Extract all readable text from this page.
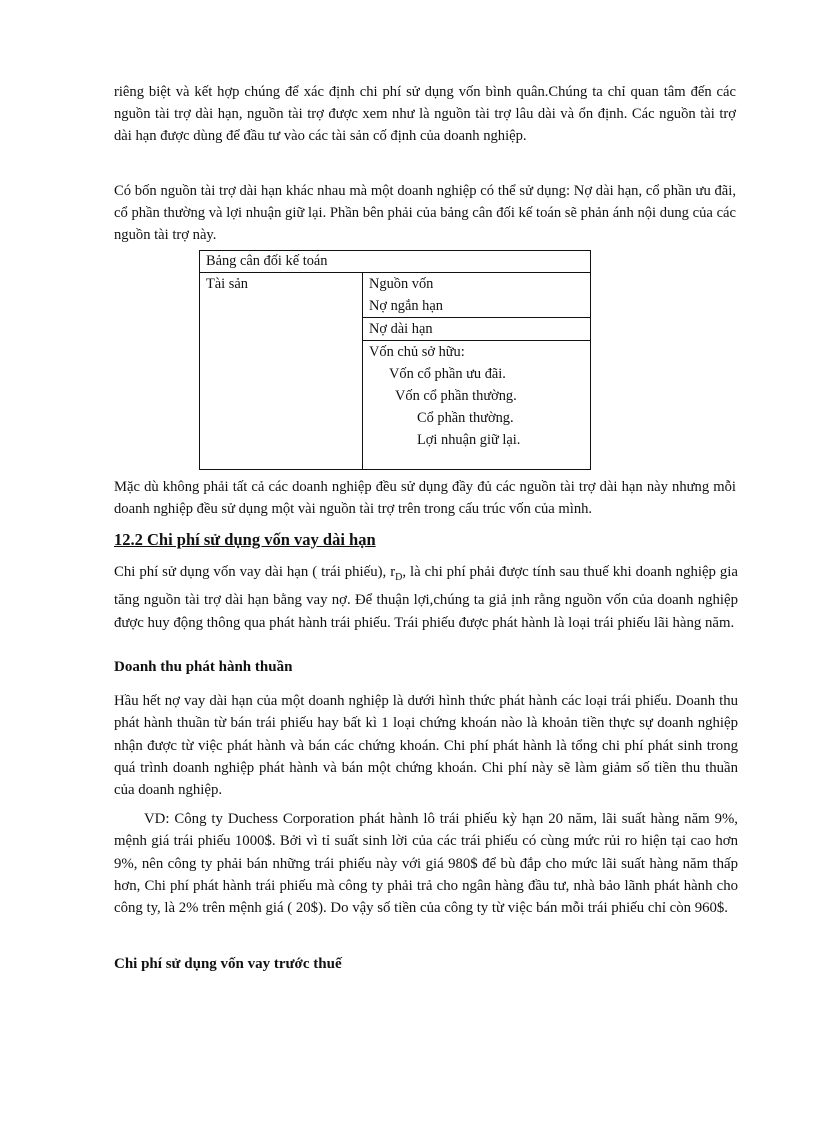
riêng biệt và kết hợp chúng để xác định chi phí sử dụng vốn bình quân.Chúng ta chỉ quan tâm đến các nguồn tài trợ dài hạn, nguồn tài trợ được xem như là nguồn tài trợ lâu dài và ổn định. Các nguồn tài trợ dài hạn được dùng để đầu tư vào các tài sản cố định của doanh nghiệp.

Có bốn nguồn tài trợ dài hạn khác nhau mà một doanh nghiệp có thể sử dụng: Nợ dài hạn, cổ phần ưu đãi, cổ phần thường và lợi nhuận giữ lại. Phần bên phải của bảng cân đối kế toán sẽ phản ánh nội dung của các nguồn tài trợ này.

Bảng cân đối kế toán

Tài sản	Nguồn vốn
Nợ ngắn hạn

Nợ dài hạn

Vốn chủ sở hữu:
Vốn cổ phần ưu đãi.
Vốn cổ phần thường.
Cổ phần thường.
Lợi nhuận giữ lại.

Mặc dù không phải tất cả các doanh nghiệp đều sử dụng đầy đủ các nguồn tài trợ dài hạn này nhưng mỗi doanh nghiệp đều sử dụng một vài nguồn tài trợ trên trong cấu trúc vốn của mình.

12.2 Chi phí sử dụng vốn vay dài hạn

Chi phí sử dụng vốn vay dài hạn ( trái phiếu), $r_D$, là chi phí phải được tính sau thuế khi doanh nghiệp gia tăng nguồn tài trợ dài hạn bằng vay nợ. Để thuận lợi,chúng ta giả ịnh rằng nguồn vốn của doanh nghiệp được huy động thông qua phát hành trái phiếu. Trái phiếu được phát hành là loại trái phiếu lãi hàng năm.

Doanh thu phát hành thuần

Hầu hết nợ vay dài hạn của một doanh nghiệp là dưới hình thức phát hành các loại trái phiếu. Doanh thu phát hành thuần từ bán trái phiếu hay bất kì 1 loại chứng khoán nào là khoản tiền thực sự doanh nghiệp nhận được từ việc phát hành và bán các chứng khoán. Chi phí phát hành là tổng chi phí phát sinh trong quá trình doanh nghiệp phát hành và bán một chứng khoán. Chi phí này sẽ làm giảm số tiền thu thuần của doanh nghiệp.

VD: Công ty Duchess Corporation phát hành lô trái phiếu kỳ hạn 20 năm, lãi suất hàng năm 9%, mệnh giá trái phiếu 1000$. Bởi vì tỉ suất sinh lời của các trái phiếu có cùng mức rủi ro hiện tại cao hơn 9%, nên công ty phải bán những trái phiếu này với giá 980$ để bù đắp cho mức lãi suất hàng năm thấp hơn, Chi phí phát hành trái phiếu mà công ty phải trả cho ngân hàng đầu tư, nhà bảo lãnh phát hành cho công ty, là 2% trên mệnh giá ( 20$). Do vậy số tiền của công ty từ việc bán mỗi trái phiếu chỉ còn 960$.

Chi phí sử dụng vốn vay trước thuế
